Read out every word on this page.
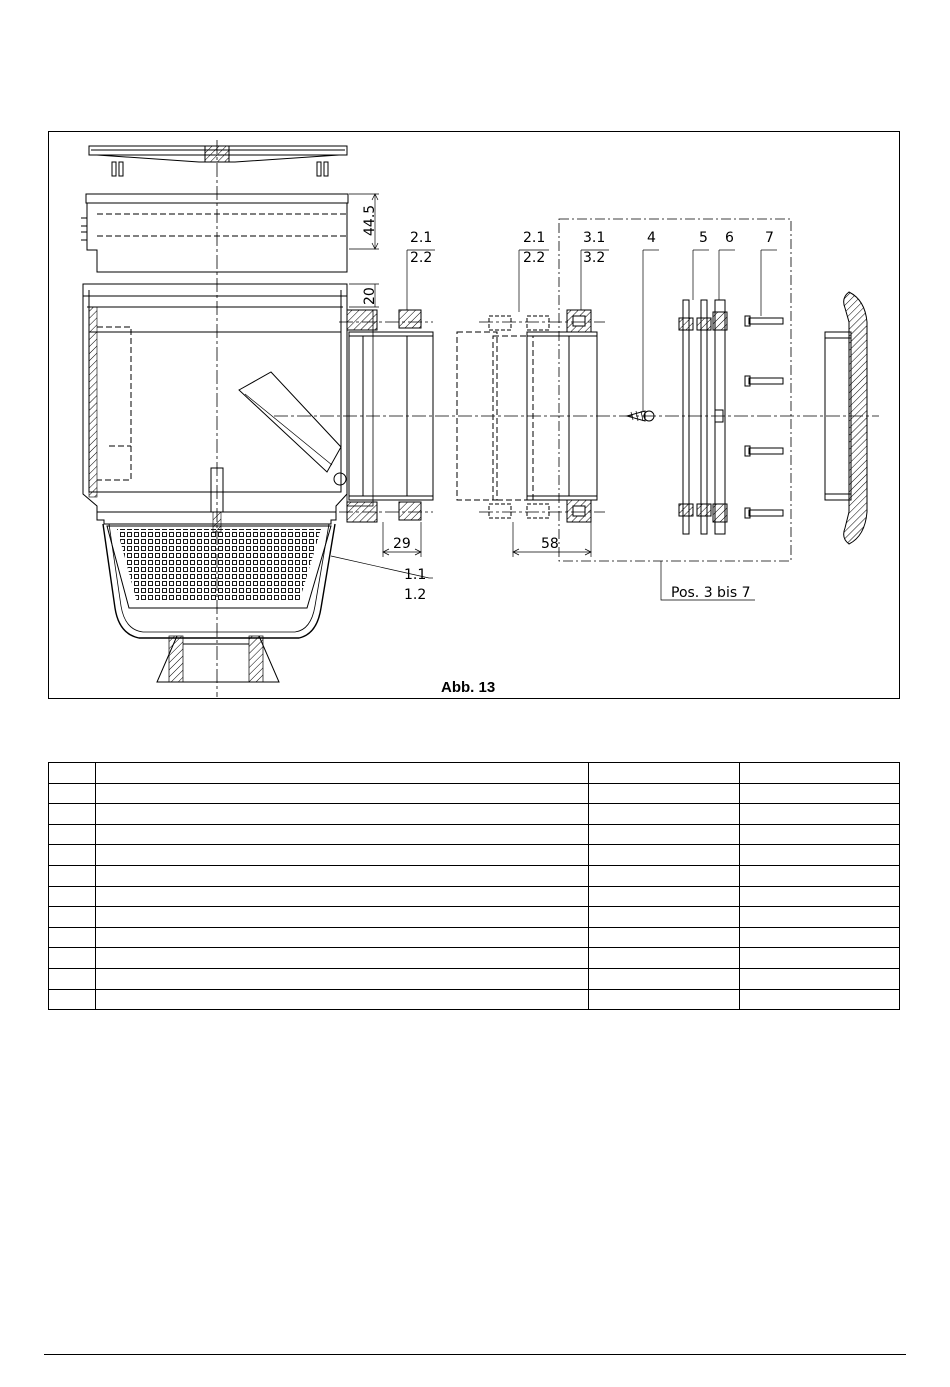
2.1
2.2
2.1
2.2
3.1
3.2
4	5 6 7
1.1
1.2	Pos. 3 bis 7
44.5
20
29	58
Abb. 13
